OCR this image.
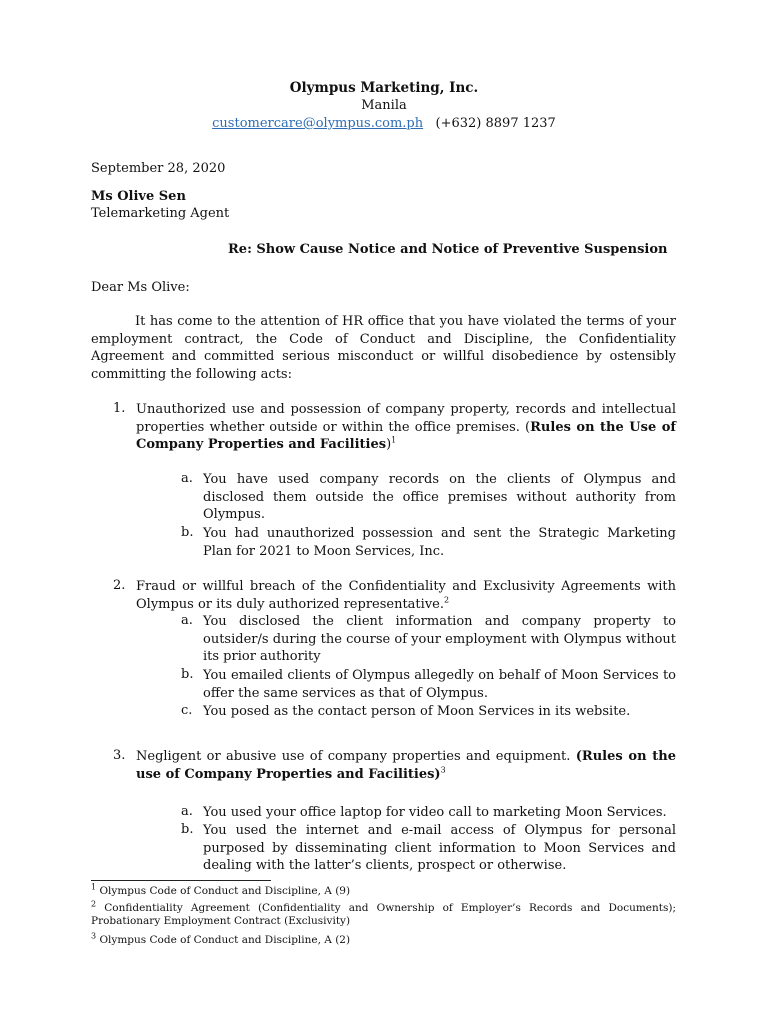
Olympus Marketing, Inc.
Manila
customercare@olympus.com.ph (+632) 8897 1237
September 28, 2020
Ms Olive Sen
Telemarketing Agent
Re: Show Cause Notice and Notice of Preventive Suspension
Dear Ms Olive:
It has come to the attention of HR office that you have violated the terms of your employment contract, the Code of Conduct and Discipline, the Confidentiality Agreement and committed serious misconduct or willful disobedience by ostensibly committing the following acts:
1. Unauthorized use and possession of company property, records and intellectual properties whether outside or within the office premises. (Rules on the Use of Company Properties and Facilities)$^1$
a. You have used company records on the clients of Olympus and disclosed them outside the office premises without authority from Olympus.
b. You had unauthorized possession and sent the Strategic Marketing Plan for 2021 to Moon Services, Inc.
2. Fraud or willful breach of the Confidentiality and Exclusivity Agreements with Olympus or its duly authorized representative.$^2$
a. You disclosed the client information and company property to outsider/s during the course of your employment with Olympus without its prior authority
b. You emailed clients of Olympus allegedly on behalf of Moon Services to offer the same services as that of Olympus.
c. You posed as the contact person of Moon Services in its website.
3. Negligent or abusive use of company properties and equipment. (Rules on the use of Company Properties and Facilities)$^3$
a. You used your office laptop for video call to marketing Moon Services.
b. You used the internet and e-mail access of Olympus for personal purposed by disseminating client information to Moon Services and dealing with the latter’s clients, prospect or otherwise.
$^1$ Olympus Code of Conduct and Discipline, A (9)
$^2$ Confidentiality Agreement (Confidentiality and Ownership of Employer’s Records and Documents); Probationary Employment Contract (Exclusivity)
$^3$ Olympus Code of Conduct and Discipline, A (2)
